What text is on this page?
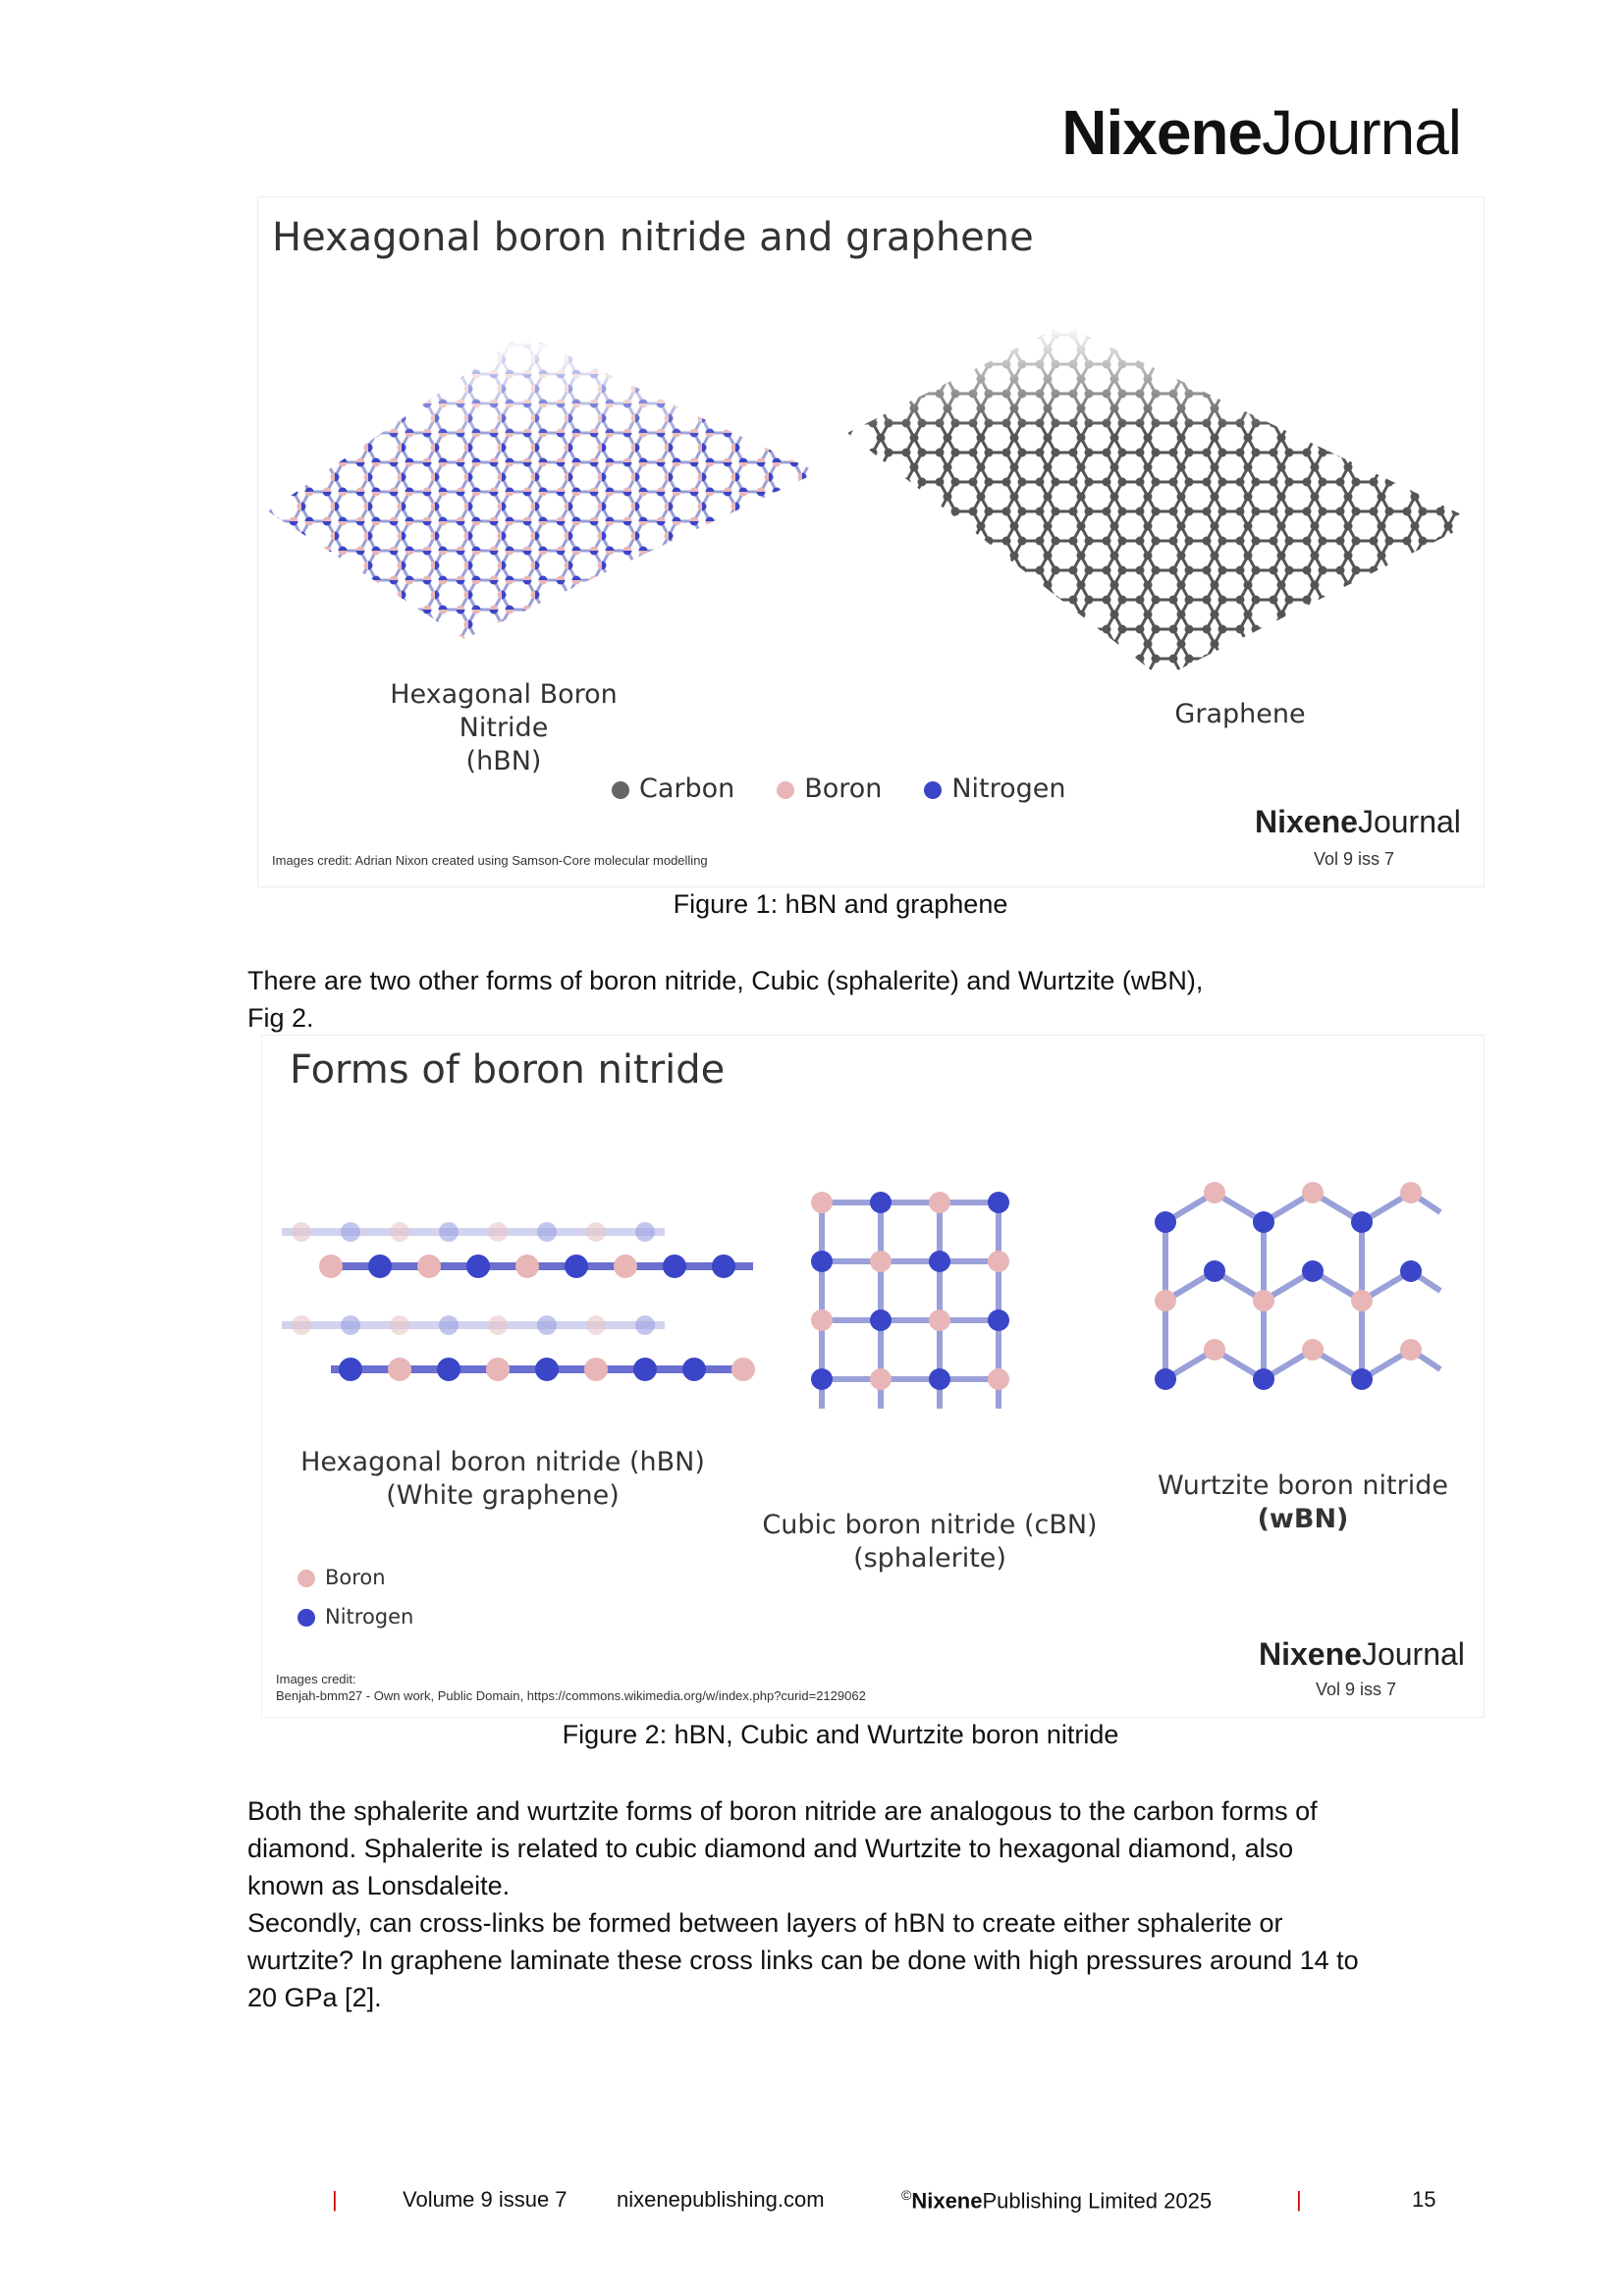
NixeneJournal
Hexagonal boron nitride and graphene
Hexagonal Boron Nitride
(hBN)
Graphene
Carbon	Boron	Nitrogen
Images credit: Adrian Nixon created using Samson-Core molecular modelling
NixeneJournal
Vol 9 iss 7
Figure 1: hBN and graphene
There are two other forms of boron nitride, Cubic (sphalerite) and Wurtzite (wBN),
Fig 2.
Forms of boron nitride
Hexagonal boron nitride (hBN)
(White graphene)
Cubic boron nitride (cBN)
(sphalerite)
Wurtzite boron nitride
(wBN)
Boron
Nitrogen
Images credit:
Benjah-bmm27 - Own work, Public Domain, https://commons.wikimedia.org/w/index.php?curid=2129062
NixeneJournal
Vol 9 iss 7
Figure 2: hBN, Cubic and Wurtzite boron nitride
Both the sphalerite and wurtzite forms of boron nitride are analogous to the carbon forms of
diamond. Sphalerite is related to cubic diamond and Wurtzite to hexagonal diamond, also
known as Lonsdaleite.
Secondly, can cross-links be formed between layers of hBN to create either sphalerite or
wurtzite? In graphene laminate these cross links can be done with high pressures around 14 to
20 GPa [2].
|	Volume 9 issue 7 nixenepublishing.com	©NixenePublishing Limited 2025	|	15
